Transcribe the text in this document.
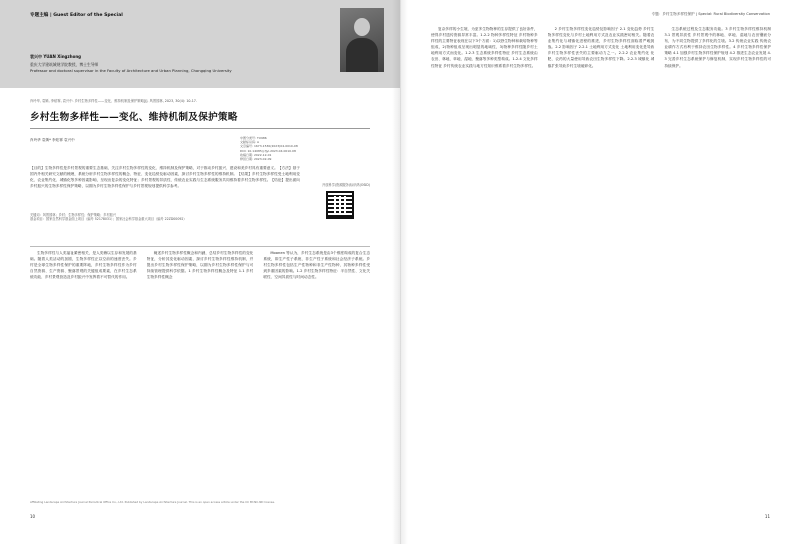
专题主编 | Guest Editor of the Special
袁兴中 YUAN Xingzhong
重庆大学建筑城规学院教授，博士生导师
Professor and doctoral supervisor in the Faculty of Architecture and Urban Planning, Chongqing University
肖玲华, 袁嫣, 李炫霏, 袁兴中. 乡村生物多样性——变化、维持机制及保护策略[J]. 风景园林, 2023, 30(4): 10-17.
乡村生物多样性——变化、维持机制及保护策略
肖玲华 袁嫣* 李炫霏 袁兴中	中图分类号: TU986
文献标识码: A
文章编号: 1673-1530(2023)04-0010-08
DOI: 10.14085/j.fjyl.2023.04.0010.08
收稿日期: 2022-12-01
修回日期: 2023-02-09
【目的】生物多样性是乡村景观的重要生态基础，关注乡村生物多样性的变化、维持机制及保护策略，对于推动乡村振兴、建设和美乡村具有重要意义。【方法】基于国内外相关研究文献的梳理，系统分析乡村生物多样性的概念、特征、变化趋势及驱动因素，探讨乡村生物多样性的维持机制。【结果】乡村生物多样性受土地利用变化、农业集约化、城镇化等多种因素影响，呈现出复杂的变化特征；乡村景观的异质性、传统农业实践与生态系统服务共同维持着乡村生物多样性。【结论】提出面向乡村振兴的生物多样性保护策略，以期为乡村生物多样性保护与乡村景观规划提供科学参考。
关键词：风景园林；乡村；生物多样性；保护策略；乡村振兴
基金项目：国家自然科学基金面上项目（编号 52178031）；国家社会科学基金重大项目（编号 22ZD00092）
开放科学(资源服务)标识码(OSID)
生物多样性与人类福祉紧密相关，是人类赖以生存和发展的基础。随着人类活动的加剧，生物多样性正以空前的速度丧失。乡村是全球生物多样性保护的重要阵地，乡村生物多样性作为乡村自然资源、生产资源、聚落景观的关键组成要素，在乡村生态系统功能、乡村景观营造及乡村振兴中发挥着不可替代的作用。
阐述乡村生物多样性概念和内涵，总结乡村生物多样性的变化特征，分析其变化驱动因素，探讨乡村生物多样性维持机制，并提出乡村生物多样性保护策略，以期为乡村生物多样性保护与可持续管理提供科学依据。1 乡村生物多样性概念及特征 1.1 乡村生物多样性概念
Moonen 等认为，乡村生态系统是由3个维度构成的复合生态系统，即生产性子系统、非生产性子系统和社会经济子系统。乡村生物多样性包括生产性物种和非生产性物种，其物种多样性受到多重因素的影响。1.2 乡村生物多样性特征：半自然性、文化关联性、空间异质性与时间动态性。
Affiliating Landscape Architecture Journal Periodical Office Co., Ltd. Published by Landscape Architecture Journal. This is an open access article under the CC BY-NC-ND license.
10
专题：乡村生物多样性保护 | Special: Rural Biodiversity Conservation
复杂多样的小生境，为更多生物物种的生存提供了良好条件，使得乡村遗传资源异常丰富。1.2.2 物种多样性特征 乡村物种多样性的主要特征表现在以下3个方面：1)以野生物种和栽培物种等组成，2)物种组成呈现出明显的地域性，3)物种多样性随乡村土地利用方式而变化。1.2.3 生态系统多样性特征 乡村生态系统由农田、林地、草地、湿地、聚落等多种类型构成。1.2.4 文化多样性特征 乡村传统农业实践与地方性知识维系着乡村生物多样性。
2 乡村生物多样性变化趋势及影响因子 2.1 变化趋势 乡村生物多样性变化与乡村土地利用方式及农业实践密切相关。随着农业集约化与城镇化进程的推进，乡村生物多样性面临着严峻挑战。2.2 影响因子 2.2.1 土地利用方式变化 土地利用变化是导致乡村生物多样性丧失的主要驱动力之一。2.2.2 农业集约化 化肥、农药的大量使用导致农田生物多样性下降。2.2.3 城镇化 城镇扩张导致乡村生境破碎化。
生态系统过程及生态服务功能。3 乡村生物多样性维持机制 3.1 景观异质性 乡村景观中的林地、草地、湿地与农田镶嵌分布，为不同生物提供了多样化的生境。3.2 传统农业实践 传统农业耕作方式有利于维持农田生物多样性。4 乡村生物多样性保护策略 4.1 加强乡村生物多样性保护规划 4.2 推进生态农业发展 4.3 完善乡村生态系统保护与修复机制，实现乡村生物多样性的可持续保护。
11
